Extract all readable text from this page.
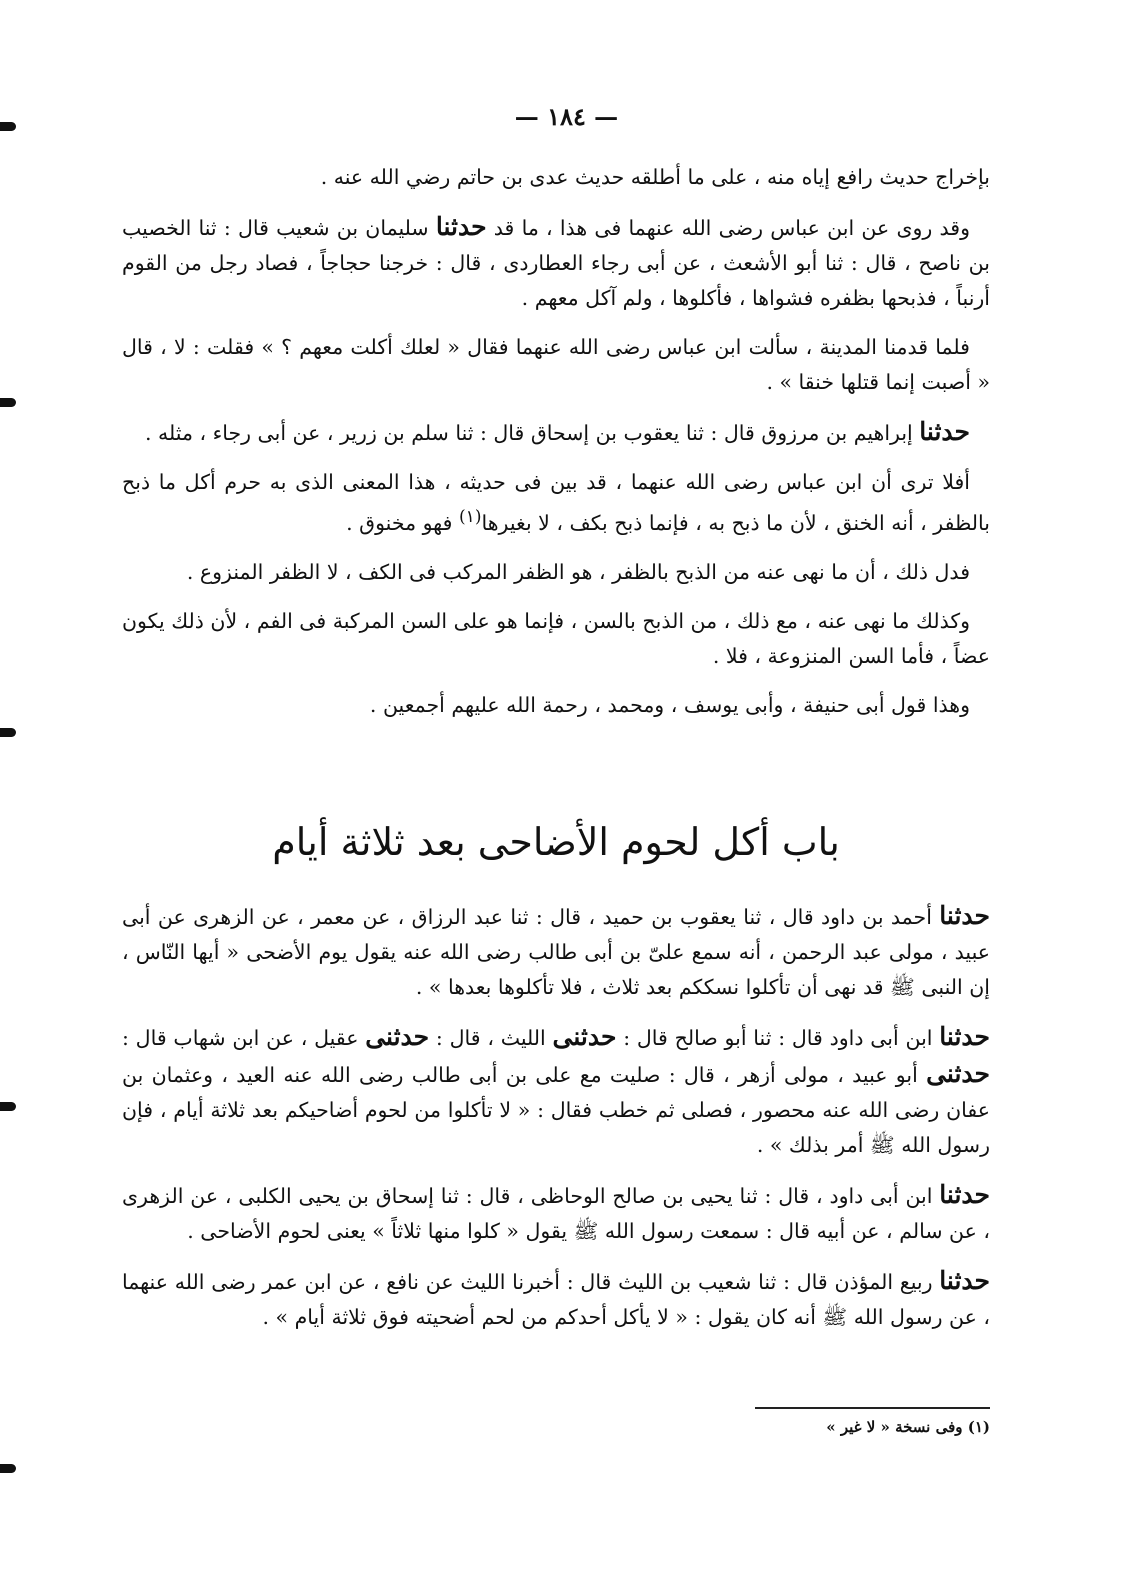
— ١٨٤ —

بإخراج حديث رافع إياه منه ، على ما أطلقه حديث عدى بن حاتم رضي الله عنه .

وقد روى عن ابن عباس رضى الله عنهما فى هذا ، ما قد حدثنا سليمان بن شعيب قال : ثنا الخصيب بن ناصح ، قال : ثنا أبو الأشعث ، عن أبى رجاء العطاردى ، قال : خرجنا حجاجاً ، فصاد رجل من القوم أرنباً ، فذبحها بظفره فشواها ، فأكلوها ، ولم آكل معهم .

فلما قدمنا المدينة ، سألت ابن عباس رضى الله عنهما فقال « لعلك أكلت معهم ؟ » فقلت : لا ، قال « أصبت إنما قتلها خنقا » .

حدثنا إبراهيم بن مرزوق قال : ثنا يعقوب بن إسحاق قال : ثنا سلم بن زرير ، عن أبى رجاء ، مثله .

أفلا ترى أن ابن عباس رضى الله عنهما ، قد بين فى حديثه ، هذا المعنى الذى به حرم أكل ما ذبح بالظفر ، أنه الخنق ، لأن ما ذبح به ، فإنما ذبح بكف ، لا بغيرها$^{(١)}$ فهو مخنوق .

فدل ذلك ، أن ما نهى عنه من الذبح بالظفر ، هو الظفر المركب فى الكف ، لا الظفر المنزوع .

وكذلك ما نهى عنه ، مع ذلك ، من الذبح بالسن ، فإنما هو على السن المركبة فى الفم ، لأن ذلك يكون عضاً ، فأما السن المنزوعة ، فلا .

وهذا قول أبى حنيفة ، وأبى يوسف ، ومحمد ، رحمة الله عليهم أجمعين .

باب أكل لحوم الأضاحى بعد ثلاثة أيام

حدثنا أحمد بن داود قال ، ثنا يعقوب بن حميد ، قال : ثنا عبد الرزاق ، عن معمر ، عن الزهرى عن أبى عبيد ، مولى عبد الرحمن ، أنه سمع علىّ بن أبى طالب رضى الله عنه يقول يوم الأضحى « أيها النّاس ، إن النبى ﷺ قد نهى أن تأكلوا نسككم بعد ثلاث ، فلا تأكلوها بعدها » .

حدثنا ابن أبى داود قال : ثنا أبو صالح قال : حدثنى الليث ، قال : حدثنى عقيل ، عن ابن شهاب قال : حدثنى أبو عبيد ، مولى أزهر ، قال : صليت مع على بن أبى طالب رضى الله عنه العيد ، وعثمان بن عفان رضى الله عنه محصور ، فصلى ثم خطب فقال : « لا تأكلوا من لحوم أضاحيكم بعد ثلاثة أيام ، فإن رسول الله ﷺ أمر بذلك » .

حدثنا ابن أبى داود ، قال : ثنا يحيى بن صالح الوحاظى ، قال : ثنا إسحاق بن يحيى الكلبى ، عن الزهرى ، عن سالم ، عن أبيه قال : سمعت رسول الله ﷺ يقول « كلوا منها ثلاثاً » يعنى لحوم الأضاحى .

حدثنا ربيع المؤذن قال : ثنا شعيب بن الليث قال : أخبرنا الليث عن نافع ، عن ابن عمر رضى الله عنهما ، عن رسول الله ﷺ أنه كان يقول : « لا يأكل أحدكم من لحم أضحيته فوق ثلاثة أيام » .

(١) وفى نسخة « لا غير »
